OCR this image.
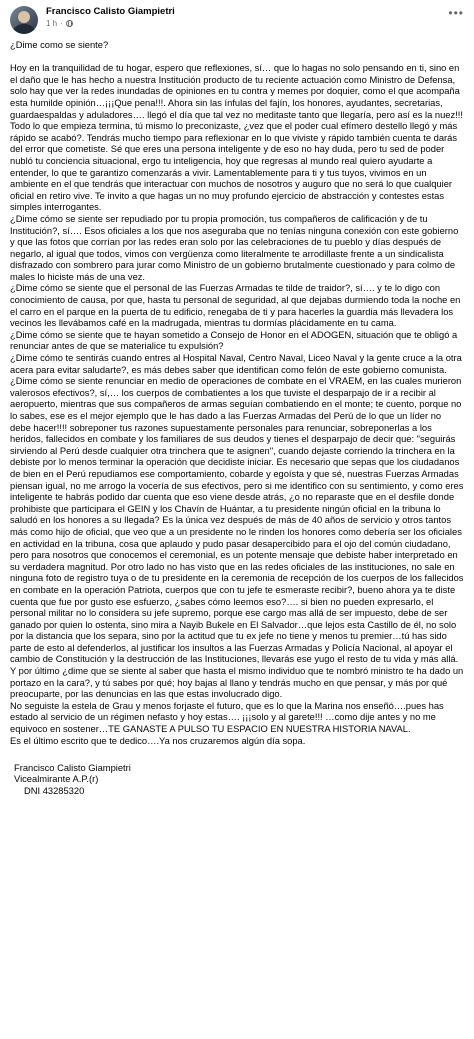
Francisco Calisto Giampietri
1 h ·
•••

¿Dime como se siente?

Hoy en la tranquilidad de tu hogar, espero que reflexiones, sí… que lo hagas no solo pensando en ti, sino en el daño que le has hecho a nuestra Institución producto de tu reciente actuación como Ministro de Defensa, solo hay que ver la redes inundadas de opiniones en tu contra y memes por doquier, como el que acompaña esta humilde opinión…¡¡¡Que pena!!!. Ahora sin las ínfulas del fajín, los honores, ayudantes, secretarias, guardaespaldas y aduladores…. llegó el día que tal vez no meditaste tanto que llegaría, pero así es la nuez!!! Todo lo que empieza termina, tú mismo lo preconizaste, ¿vez que el poder cual efímero destello llegó y más rápido se acabó?. Tendrás mucho tiempo para reflexionar en lo que viviste y rápido también cuenta te darás del error que cometiste. Sé que eres una persona inteligente y de eso no hay duda, pero tu sed de poder nubló tu conciencia situacional, ergo tu inteligencia, hoy que regresas al mundo real quiero ayudarte a entender, lo que te garantizo comenzarás a vivir. Lamentablemente para ti y tus tuyos, vivimos en un ambiente en el que tendrás que interactuar con muchos de nosotros y auguro que no será lo que cualquier oficial en retiro vive. Te invito a que hagas un no muy profundo ejercicio de abstracción y contestes estas simples interrogantes.

¿Dime cómo se siente ser repudiado por tu propia promoción, tus compañeros de calificación y de tu Institución?, sí…. Esos oficiales a los que nos aseguraba que no tenías ninguna conexión con este gobierno y que las fotos que corrían por las redes eran solo por las celebraciones de tu pueblo y días después de negarlo, al igual que todos, vimos con vergüenza como literalmente te arrodillaste frente a un sindicalista disfrazado con sombrero para jurar como Ministro de un gobierno brutalmente cuestionado y para colmo de males lo hiciste más de una vez.

¿Dime cómo se siente que el personal de las Fuerzas Armadas te tilde de traidor?, sí…. y te lo digo con conocimiento de causa, por que, hasta tu personal de seguridad, al que dejabas durmiendo toda la noche en el carro en el parque en la puerta de tu edificio, renegaba de ti y para hacerles la guardia más llevadera los vecinos les llevábamos café en la madrugada, mientras tu dormías plácidamente en tu cama.

¿Dime cómo se siente que te hayan sometido a Consejo de Honor en el ADOGEN, situación que te obligó a renunciar antes de que se materialice tu expulsión?

¿Dime cómo te sentirás cuando entres al Hospital Naval, Centro Naval, Liceo Naval y la gente cruce a la otra acera para evitar saludarte?, es más debes saber que identifican como felón de este gobierno comunista.

¿Dime cómo se siente renunciar en medio de operaciones de combate en el VRAEM, en las cuales murieron valerosos efectivos?, sí,… los cuerpos de combatientes a los que tuviste el desparpajo de ir a recibir al aeropuerto, mientras que sus compañeros de armas seguían combatiendo en el monte; te cuento, porque no lo sabes, ese es el mejor ejemplo que le has dado a las Fuerzas Armadas del Perú de lo que un líder no debe hacer!!!! sobreponer tus razones supuestamente personales para renunciar, sobreponerlas a los heridos, fallecidos en combate y los familiares de sus deudos y tienes el desparpajo de decir que: "seguirás sirviendo al Perú desde cualquier otra trinchera que te asignen", cuando dejaste corriendo la trinchera en la debiste por lo menos terminar la operación que decidiste iniciar. Es necesario que sepas que los ciudadanos de bien en el Perú repudiamos ese comportamiento, cobarde y egoísta y que sé, nuestras Fuerzas Armadas piensan igual, no me arrogo la vocería de sus efectivos, pero si me identifico con su sentimiento, y como eres inteligente te habrás podido dar cuenta que eso viene desde atrás, ¿o no reparaste que en el desfile donde prohibiste que participara el GEIN y los Chavín de Huántar, a tu presidente ningún oficial en la tribuna lo saludó en los honores a su llegada? Es la única vez después de más de 40 años de servicio y otros tantos más como hijo de oficial, que veo que a un presidente no le rinden los honores como debería ser los oficiales en actividad en la tribuna, cosa que aplaudo y pudo pasar desapercibido para el ojo del común ciudadano, pero para nosotros que conocemos el ceremonial, es un potente mensaje que debiste haber interpretado en su verdadera magnitud. Por otro lado no has visto que en las redes oficiales de las instituciones, no sale en ninguna foto de registro tuya o de tu presidente en la ceremonia de recepción de los cuerpos de los fallecidos en combate en la operación Patriota, cuerpos que con tu jefe te esmeraste recibir?, bueno ahora ya te diste cuenta que fue por gusto ese esfuerzo, ¿sabes cómo leemos eso?…. si bien no pueden expresarlo, el personal militar no lo considera su jefe supremo, porque ese cargo mas allá de ser impuesto, debe de ser ganado por quien lo ostenta, sino mira a Nayib Bukele en El Salvador…que lejos esta Castillo de él, no solo por la distancia que los separa, sino por la actitud que tu ex jefe no tiene y menos tu premier…tú has sido parte de esto al defenderlos, al justificar los insultos a las Fuerzas Armadas y Policía Nacional, al apoyar el cambio de Constitución y la destrucción de las Instituciones, llevarás ese yugo el resto de tu vida y más allá.

Y por último ¿dime que se siente al saber que hasta el mismo individuo que te nombró ministro te ha dado un portazo en la cara?, y tú sabes por qué; hoy bajas al llano y tendrás mucho en que pensar, y más por qué preocuparte, por las denuncias en las que estas involucrado digo.

No seguiste la estela de Grau y menos forjaste el futuro, que es lo que la Marina nos enseñó….pues has estado al servicio de un régimen nefasto y hoy estas…. ¡¡¡solo y al garete!!! …como dije antes y no me equivoco en sostener…TE GANASTE A PULSO TU ESPACIO EN NUESTRA HISTORIA NAVAL.

Es el último escrito que te dedico….Ya nos cruzaremos algún día sopa.

Francisco Calisto Giampietri

Vicealmirante A.P.(r)

DNI 43285320
